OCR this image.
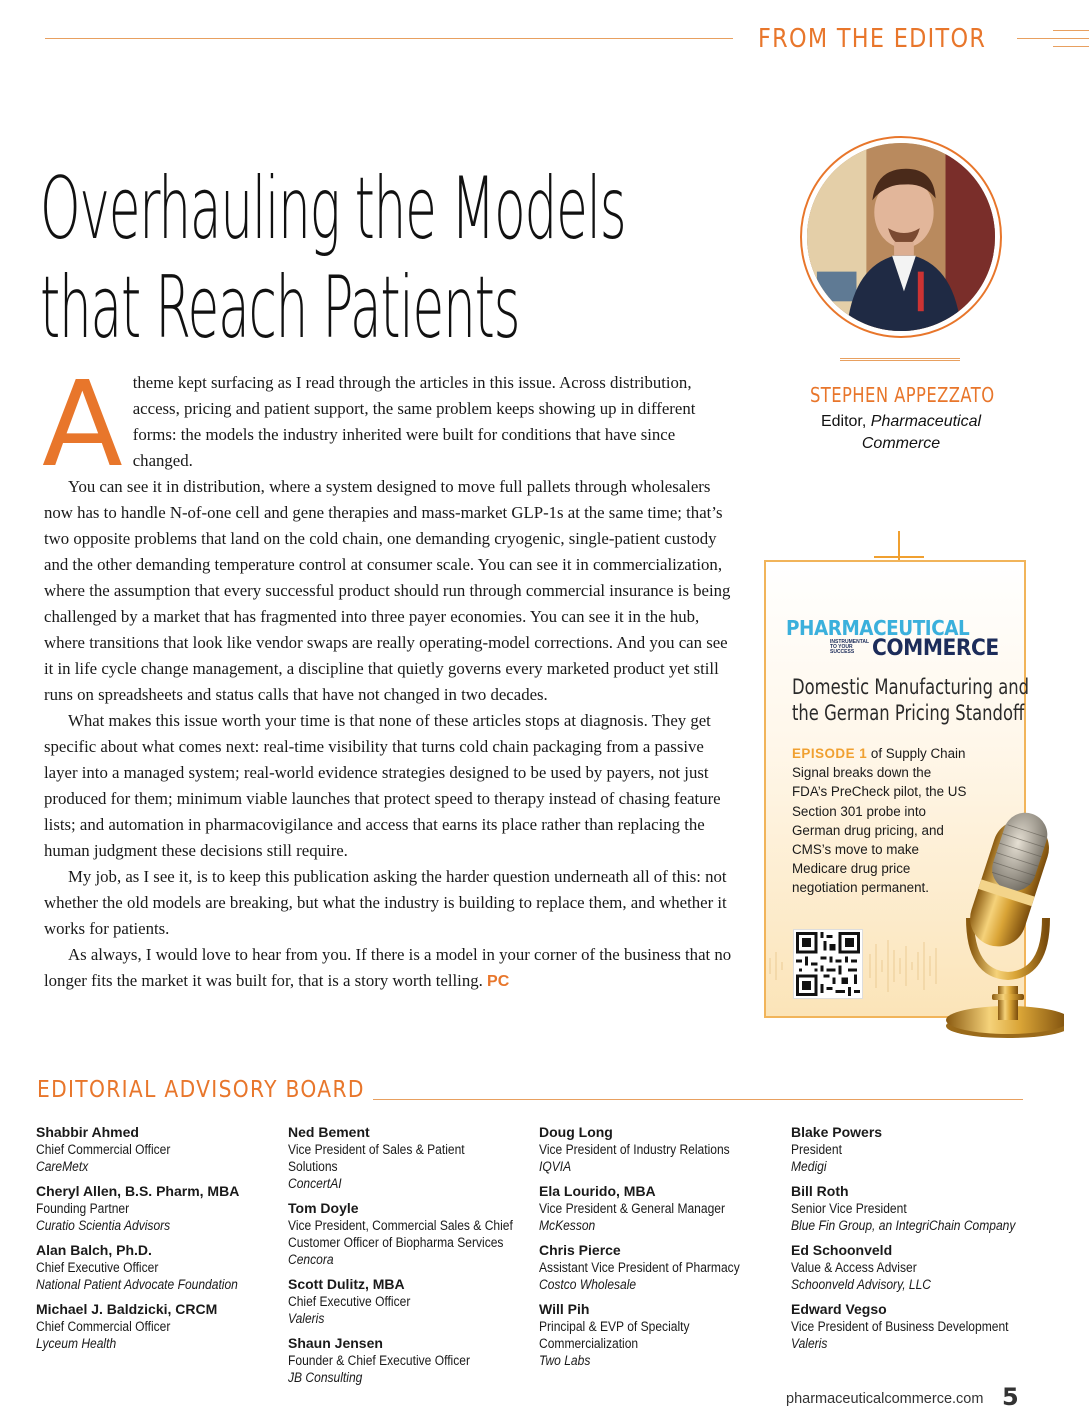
FROM THE EDITOR
Overhauling the Models
that Reach Patients
STEPHEN APPEZZATO
Editor, Pharmaceutical Commerce
A theme kept surfacing as I read through the articles in this issue. Across distribution, access, pricing and patient support, the same problem keeps showing up in different forms: the models the industry inherited were built for conditions that have since changed.

You can see it in distribution, where a system designed to move full pallets through wholesalers now has to handle N-of-one cell and gene therapies and mass-market GLP-1s at the same time; that’s two opposite problems that land on the cold chain, one demanding cryogenic, single-patient custody and the other demanding temperature control at consumer scale. You can see it in commercialization, where the assumption that every successful product should run through commercial insurance is being challenged by a market that has fragmented into three payer economies. You can see it in the hub, where transitions that look like vendor swaps are really operating-model corrections. And you can see it in life cycle change management, a discipline that quietly governs every marketed product yet still runs on spreadsheets and status calls that have not changed in two decades.

What makes this issue worth your time is that none of these articles stops at diagnosis. They get specific about what comes next: real-time visibility that turns cold chain packaging from a passive layer into a managed system; real-world evidence strategies designed to be used by payers, not just produced for them; minimum viable launches that protect speed to therapy instead of chasing feature lists; and automation in pharmacovigilance and access that earns its place rather than replacing the human judgment these decisions still require.

My job, as I see it, is to keep this publication asking the harder question underneath all of this: not whether the old models are breaking, but what the industry is building to replace them, and whether it works for patients.

As always, I would love to hear from you. If there is a model in your corner of the business that no longer fits the market it was built for, that is a story worth telling. PC

PHARMACEUTICAL
INSTRUMENTAL TO YOUR SUCCESS COMMERCE
Domestic Manufacturing and
the German Pricing Standoff
EPISODE 1 of Supply Chain Signal breaks down the FDA’s PreCheck pilot, the US Section 301 probe into German drug pricing, and CMS’s move to make Medicare drug price negotiation permanent.
EDITORIAL ADVISORY BOARD
Shabbir Ahmed
Chief Commercial Officer
CareMetx
Cheryl Allen, B.S. Pharm, MBA
Founding Partner
Curatio Scientia Advisors
Alan Balch, Ph.D.
Chief Executive Officer
National Patient Advocate Foundation
Michael J. Baldzicki, CRCM
Chief Commercial Officer
Lyceum Health
Ned Bement
Vice President of Sales & Patient Solutions
ConcertAI
Tom Doyle
Vice President, Commercial Sales & Chief Customer Officer of Biopharma Services
Cencora
Scott Dulitz, MBA
Chief Executive Officer
Valeris
Shaun Jensen
Founder & Chief Executive Officer
JB Consulting
Doug Long
Vice President of Industry Relations
IQVIA
Ela Lourido, MBA
Vice President & General Manager
McKesson
Chris Pierce
Assistant Vice President of Pharmacy
Costco Wholesale
Will Pih
Principal & EVP of Specialty Commercialization
Two Labs
Blake Powers
President
Medigi
Bill Roth
Senior Vice President
Blue Fin Group, an IntegriChain Company
Ed Schoonveld
Value & Access Adviser
Schoonveld Advisory, LLC
Edward Vegso
Vice President of Business Development
Valeris
pharmaceuticalcommerce.com 5
